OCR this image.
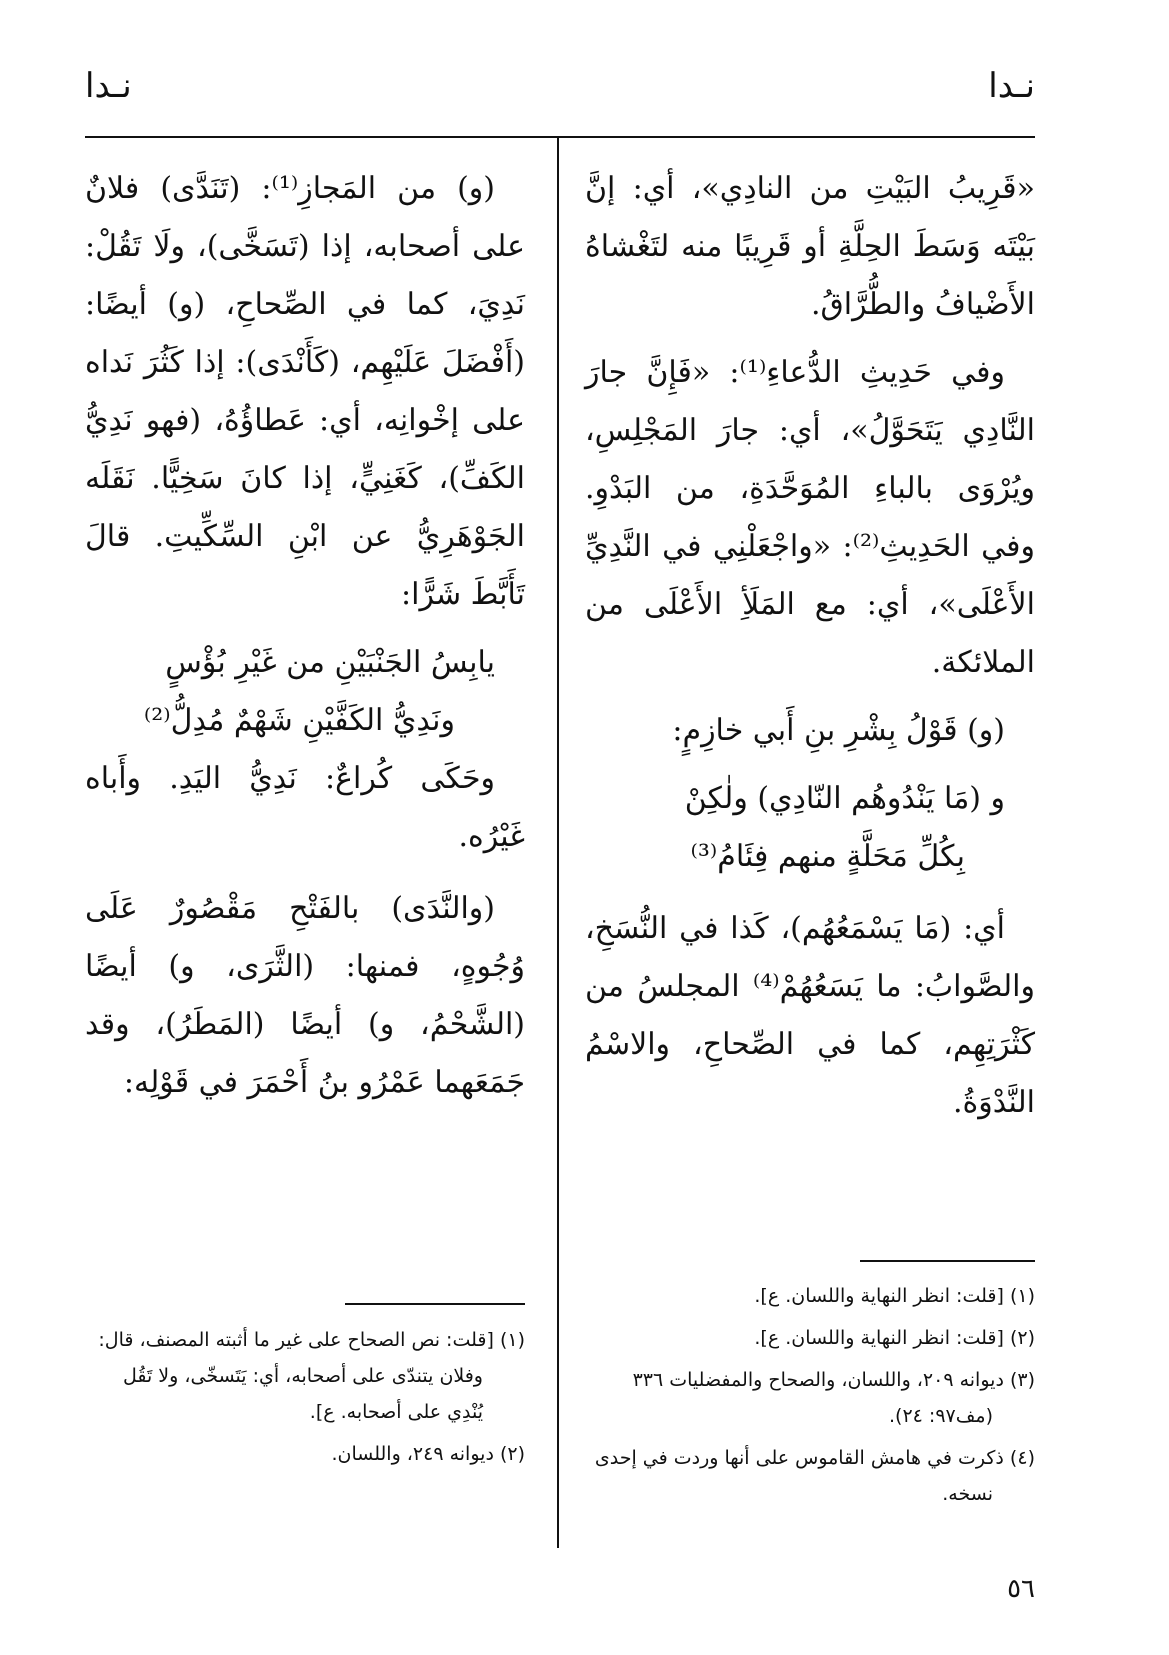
نـدا
نـدا

«قَرِيبُ البَيْتِ من النادِي»، أي: إنَّ بَيْتَه وَسَطَ الحِلَّةِ أو قَرِيبًا منه لتَغْشاهُ الأَضْيافُ والطُّرَّاقُ.

وفي حَدِيثِ الدُّعاءِ⁽¹⁾: «فَإِنَّ جارَ النَّادِي يَتَحَوَّلُ»، أي: جارَ المَجْلِسِ، ويُرْوَى بالباءِ المُوَحَّدَةِ، من البَدْوِ. وفي الحَدِيثِ⁽²⁾: «واجْعَلْنِي في النَّدِيِّ الأَعْلَى»، أي: مع المَلَأِ الأَعْلَى من الملائكة.

(و) قَوْلُ بِشْرِ بنِ أَبي خازِمٍ:

و (مَا يَنْدُوهُم النّادِي) ولٰكِنْ

بِكُلِّ مَحَلَّةٍ منهم فِئَامُ⁽³⁾

أي: (مَا يَسْمَعُهُم)، كَذا في النُّسَخِ، والصَّوابُ: ما يَسَعُهُمْ⁽⁴⁾ المجلسُ من كَثْرَتِهِم، كما في الصِّحاحِ، والاسْمُ النَّدْوَةُ.

(و) من المَجازِ⁽¹⁾: (تَنَدَّى) فلانٌ على أصحابه، إذا (تَسَخَّى)، ولَا تَقُلْ: نَدِيَ، كما في الصِّحاحِ، (و) أيضًا: (أَفْضَلَ عَلَيْهِم، (كَأَنْدَى): إذا كَثُرَ نَداه على إخْوانِه، أي: عَطاؤُهُ، (فهو نَدِيُّ الكَفِّ)، كَغَنِيٍّ، إذا كانَ سَخِيًّا. نَقَلَه الجَوْهَرِيُّ عن ابْنِ السِّكِّيتِ. قالَ تَأَبَّطَ شَرًّا:

يابِسُ الجَنْبَيْنِ من غَيْرِ بُؤْسٍ

ونَدِيُّ الكَفَّيْنِ شَهْمٌ مُدِلُّ⁽²⁾

وحَكَى كُراعٌ: نَدِيُّ اليَدِ. وأَباه غَيْرُه.

(والنَّدَى) بالفَتْحِ مَقْصُورٌ عَلَى وُجُوهٍ، فمنها: (الثَّرَى، و) أيضًا (الشَّحْمُ، و) أيضًا (المَطَرُ)، وقد جَمَعَهما عَمْرُو بنُ أَحْمَرَ في قَوْلِه:

(١) [قلت: انظر النهاية واللسان. ع].

(٢) [قلت: انظر النهاية واللسان. ع].

(٣) ديوانه ٢٠٩، واللسان، والصحاح والمفضليات ٣٣٦ (مف٩٧: ٢٤).

(٤) ذكرت في هامش القاموس على أنها وردت في إحدى نسخه.

(١) [قلت: نص الصحاح على غير ما أثبته المصنف، قال: وفلان يتندّى على أصحابه، أي: يَتَسخّى، ولا تَقُل يُنْدِي على أصحابه. ع].

(٢) ديوانه ٢٤٩، واللسان.

٥٦
